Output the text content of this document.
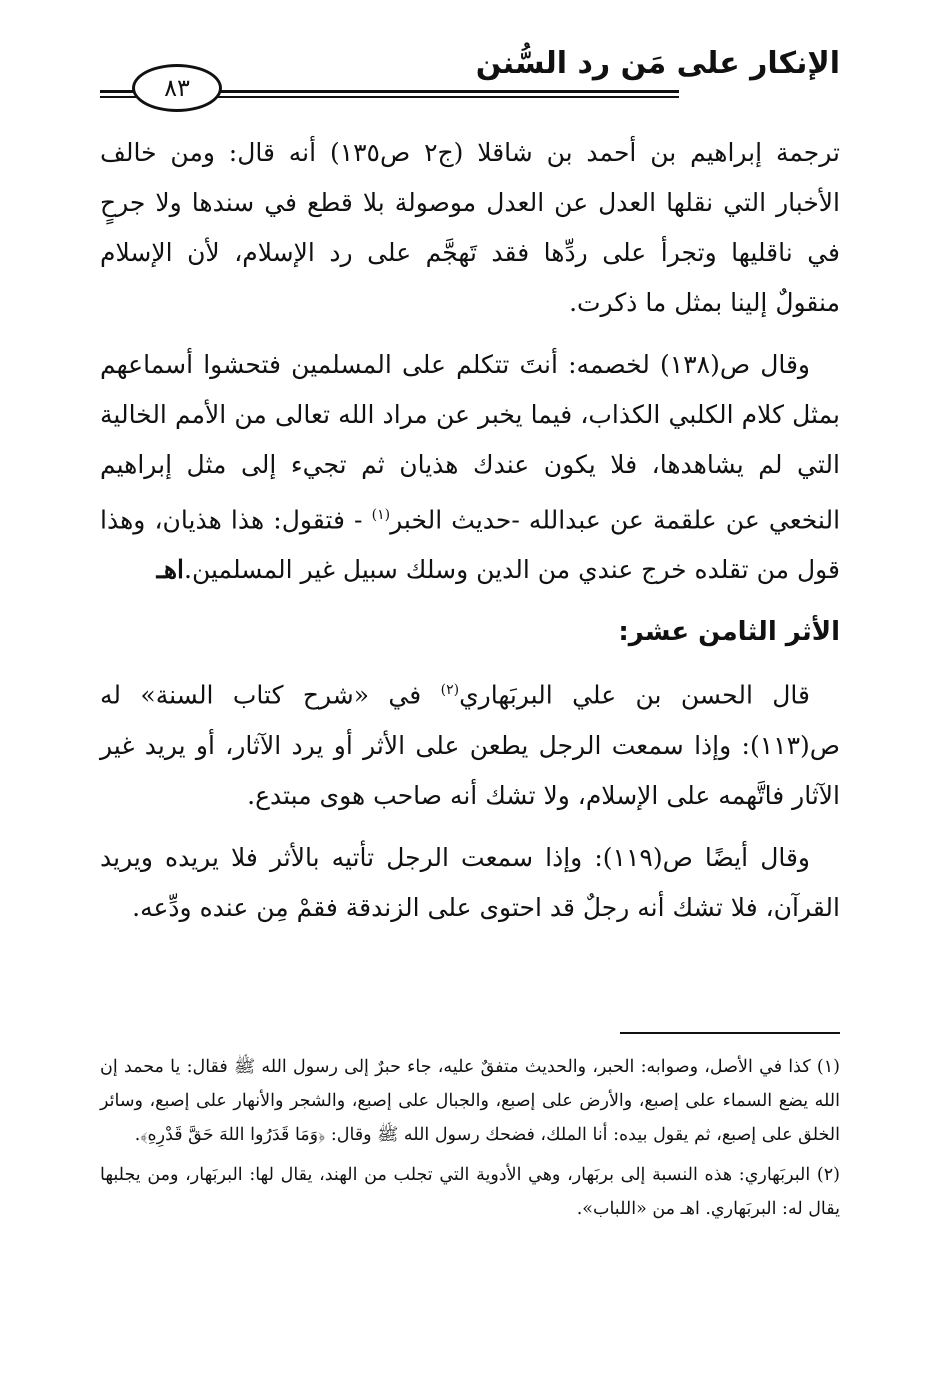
الإنكار على مَن رد السُّنن
٨٣

ترجمة إبراهيم بن أحمد بن شاقلا (ج٢ ص١٣٥) أنه قال: ومن خالف الأخبار التي نقلها العدل عن العدل موصولة بلا قطع في سندها ولا جرحٍ في ناقليها وتجرأ على ردِّها فقد تَهجَّم على رد الإسلام، لأن الإسلام منقولٌ إلينا بمثل ما ذكرت.

وقال ص(١٣٨) لخصمه: أنتَ تتكلم على المسلمين فتحشوا أسماعهم بمثل كلام الكلبي الكذاب، فيما يخبر عن مراد الله تعالى من الأمم الخالية التي لم يشاهدها، فلا يكون عندك هذيان ثم تجيء إلى مثل إبراهيم النخعي عن علقمة عن عبدالله -حديث الخبر$^{(١)}$ - فتقول: هذا هذيان، وهذا قول من تقلده خرج عندي من الدين وسلك سبيل غير المسلمين.اهـ

الأثر الثامن عشر:

قال الحسن بن علي البربَهاري$^{(٢)}$ في «شرح كتاب السنة» له ص(١١٣): وإذا سمعت الرجل يطعن على الأثر أو يرد الآثار، أو يريد غير الآثار فاتَّهمه على الإسلام، ولا تشك أنه صاحب هوى مبتدع.

وقال أيضًا ص(١١٩): وإذا سمعت الرجل تأتيه بالأثر فلا يريده ويريد القرآن، فلا تشك أنه رجلٌ قد احتوى على الزندقة فقمْ مِن عنده ودِّعه.

(١) كذا في الأصل، وصوابه: الحبر، والحديث متفقٌ عليه، جاء حبرٌ إلى رسول الله ﷺ فقال: يا محمد إن الله يضع السماء على إصبع، والأرض على إصبع، والجبال على إصبع، والشجر والأنهار على إصبع، وسائر الخلق على إصبع، ثم يقول بيده: أنا الملك، فضحك رسول الله ﷺ وقال: ﴿وَمَا قَدَرُوا اللهَ حَقَّ قَدْرِهِ﴾.

(٢) البربَهاري: هذه النسبة إلى بربَهار، وهي الأدوية التي تجلب من الهند، يقال لها: البربَهار، ومن يجلبها يقال له: البربَهاري. اهـ من «اللباب».
